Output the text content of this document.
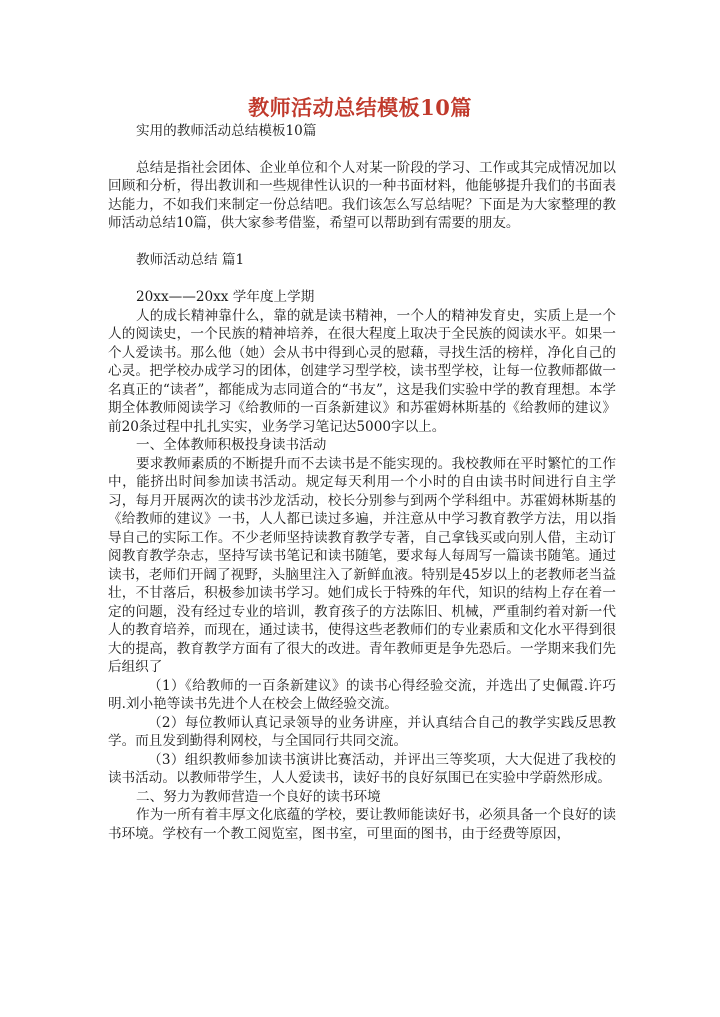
教师活动总结模板10篇

实用的教师活动总结模板10篇

总结是指社会团体、企业单位和个人对某一阶段的学习、工作或其完成情况加以回顾和分析，得出教训和一些规律性认识的一种书面材料，他能够提升我们的书面表达能力，不如我们来制定一份总结吧。我们该怎么写总结呢？下面是为大家整理的教师活动总结10篇，供大家参考借鉴，希望可以帮助到有需要的朋友。

教师活动总结 篇1

20xx——20xx 学年度上学期

人的成长精神靠什么，靠的就是读书精神，一个人的精神发育史，实质上是一个人的阅读史，一个民族的精神培养，在很大程度上取决于全民族的阅读水平。如果一个人爱读书。那么他（她）会从书中得到心灵的慰藉，寻找生活的榜样，净化自己的心灵。把学校办成学习的团体，创建学习型学校，读书型学校，让每一位教师都做一名真正的“读者”，都能成为志同道合的“书友”，这是我们实验中学的教育理想。本学期全体教师阅读学习《给教师的一百条新建议》和苏霍姆林斯基的《给教师的建议》前20条过程中扎扎实实，业务学习笔记达5000字以上。

一、全体教师积极投身读书活动

要求教师素质的不断提升而不去读书是不能实现的。我校教师在平时繁忙的工作中，能挤出时间参加读书活动。规定每天利用一个小时的自由读书时间进行自主学习，每月开展两次的读书沙龙活动，校长分别参与到两个学科组中。苏霍姆林斯基的《给教师的建议》一书，人人都已读过多遍，并注意从中学习教育教学方法，用以指导自己的实际工作。不少老师坚持读教育教学专著，自己拿钱买或向别人借，主动订阅教育教学杂志，坚持写读书笔记和读书随笔，要求每人每周写一篇读书随笔。通过读书，老师们开阔了视野，头脑里注入了新鲜血液。特别是45岁以上的老教师老当益壮，不甘落后，积极参加读书学习。她们成长于特殊的年代，知识的结构上存在着一定的问题，没有经过专业的培训，教育孩子的方法陈旧、机械，严重制约着对新一代人的教育培养，而现在，通过读书，使得这些老教师们的专业素质和文化水平得到很大的提高，教育教学方面有了很大的改进。青年教师更是争先恐后。一学期来我们先后组织了

（1）《给教师的一百条新建议》的读书心得经验交流，并选出了史佩霞.许巧明.刘小艳等读书先进个人在校会上做经验交流。

（2）每位教师认真记录领导的业务讲座，并认真结合自己的教学实践反思教学。而且发到勤得利网校，与全国同行共同交流。

（3）组织教师参加读书演讲比赛活动，并评出三等奖项，大大促进了我校的读书活动。以教师带学生，人人爱读书，读好书的良好氛围已在实验中学蔚然形成。

二、努力为教师营造一个良好的读书环境

作为一所有着丰厚文化底蕴的学校，要让教师能读好书，必须具备一个良好的读书环境。学校有一个教工阅览室，图书室，可里面的图书，由于经费等原因，
